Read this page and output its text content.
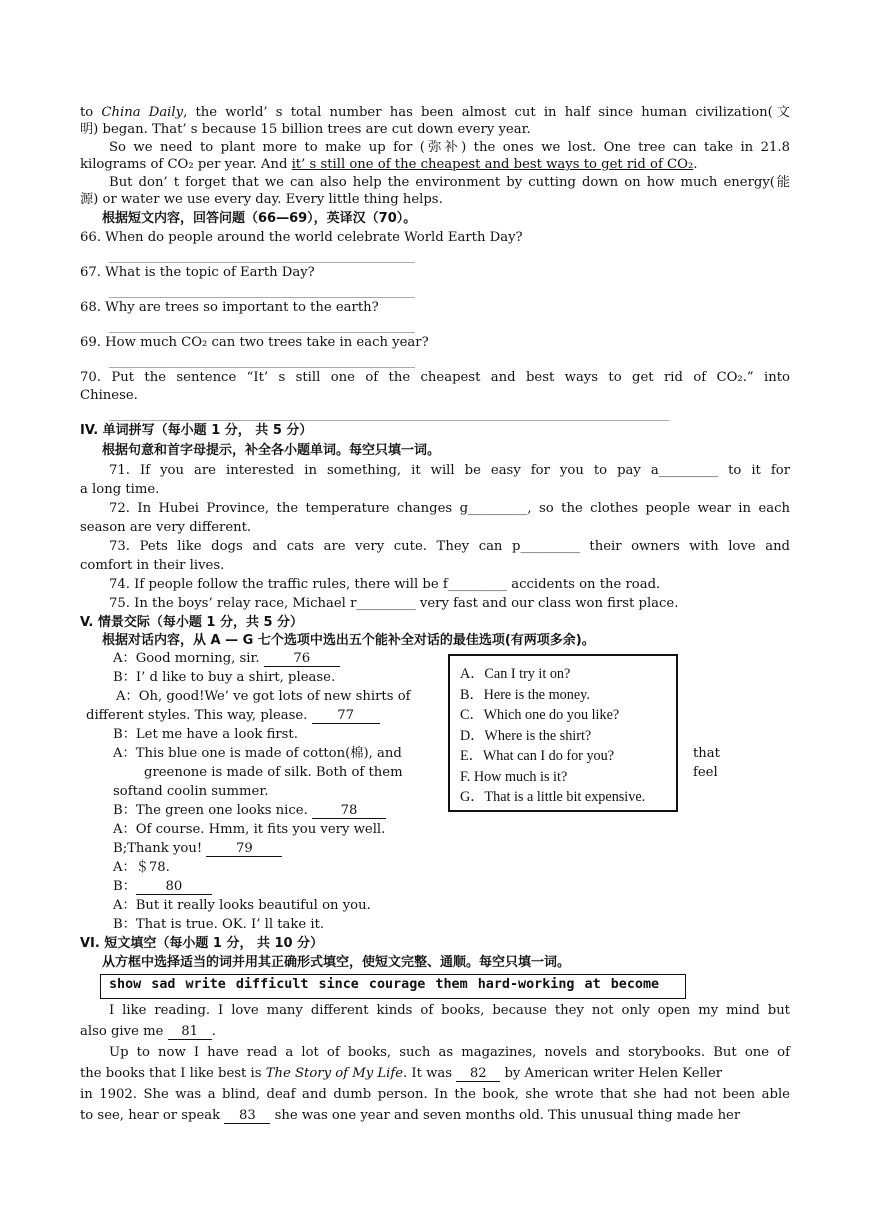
to China Daily, the world’ s total number has been almost cut in half since human civilization(文
明) began. That’ s because 15 billion trees are cut down every year.
So we need to plant more to make up for (弥补) the ones we lost. One tree can take in 21.8
kilograms of CO₂ per year. And it’ s still one of the cheapest and best ways to get rid of CO₂.
But don’ t forget that we can also help the environment by cutting down on how much energy(能
源) or water we use every day. Every little thing helps.
根据短文内容，回答问题（66—69），英译汉（70）。
66. When do people around the world celebrate World Earth Day?
67. What is the topic of Earth Day?
68. Why are trees so important to the earth?
69. How much CO₂ can two trees take in each year?
70. Put the sentence “It’ s still one of the cheapest and best ways to get rid of CO₂.” into
Chinese.
IV. 单词拼写（每小题 1 分， 共 5 分）
根据句意和首字母提示，补全各小题单词。每空只填一词。
71. If you are interested in something, it will be easy for you to pay a_________ to it for
a long time.
72. In Hubei Province, the temperature changes g_________, so the clothes people wear in each
season are very different.
73. Pets like dogs and cats are very cute. They can p_________ their owners with love and
comfort in their lives.
74. If people follow the traffic rules, there will be f_________ accidents on the road.
75. In the boys’ relay race, Michael r_________ very fast and our class won first place.
V. 情景交际（每小题 1 分，共 5 分）
根据对话内容，从 A — G 七个选项中选出五个能补全对话的最佳选项(有两项多余)。
A：Good morning, sir.	76
B：I’ d like to buy a shirt, please.
A：Oh, good!We’ ve got lots of new shirts of
different styles. This way, please. 77
B：Let me have a look first.
A：This blue one is made of cotton(棉), and	that
greenone is made of silk. Both of them	feel
softand coolin summer.
B：The green one looks nice. 78
A：Of course. Hmm, it fits you very well.
B;Thank you!	79
A：＄78.
B： 80
A：But it really looks beautiful on you.
B：That is true. OK. I’ ll take it.
A．Can I try it on?
B．Here is the money.
C．Which one do you like?
D．Where is the shirt?
E．What can I do for you?
F. How much is it?
G．That is a little bit expensive.
VI. 短文填空（每小题 1 分， 共 10 分）
从方框中选择适当的词并用其正确形式填空，使短文完整、通顺。每空只填一词。
show sad write difficult since courage them hard-working at become
I like reading. I love many different kinds of books, because they not only open my mind but
also give me 81 .
Up to now I have read a lot of books, such as magazines, novels and storybooks. But one of
the books that I like best is The Story of My Life. It was 82 by American writer Helen Keller
in 1902. She was a blind, deaf and dumb person. In the book, she wrote that she had not been able
to see, hear or speak 83 she was one year and seven months old. This unusual thing made her
